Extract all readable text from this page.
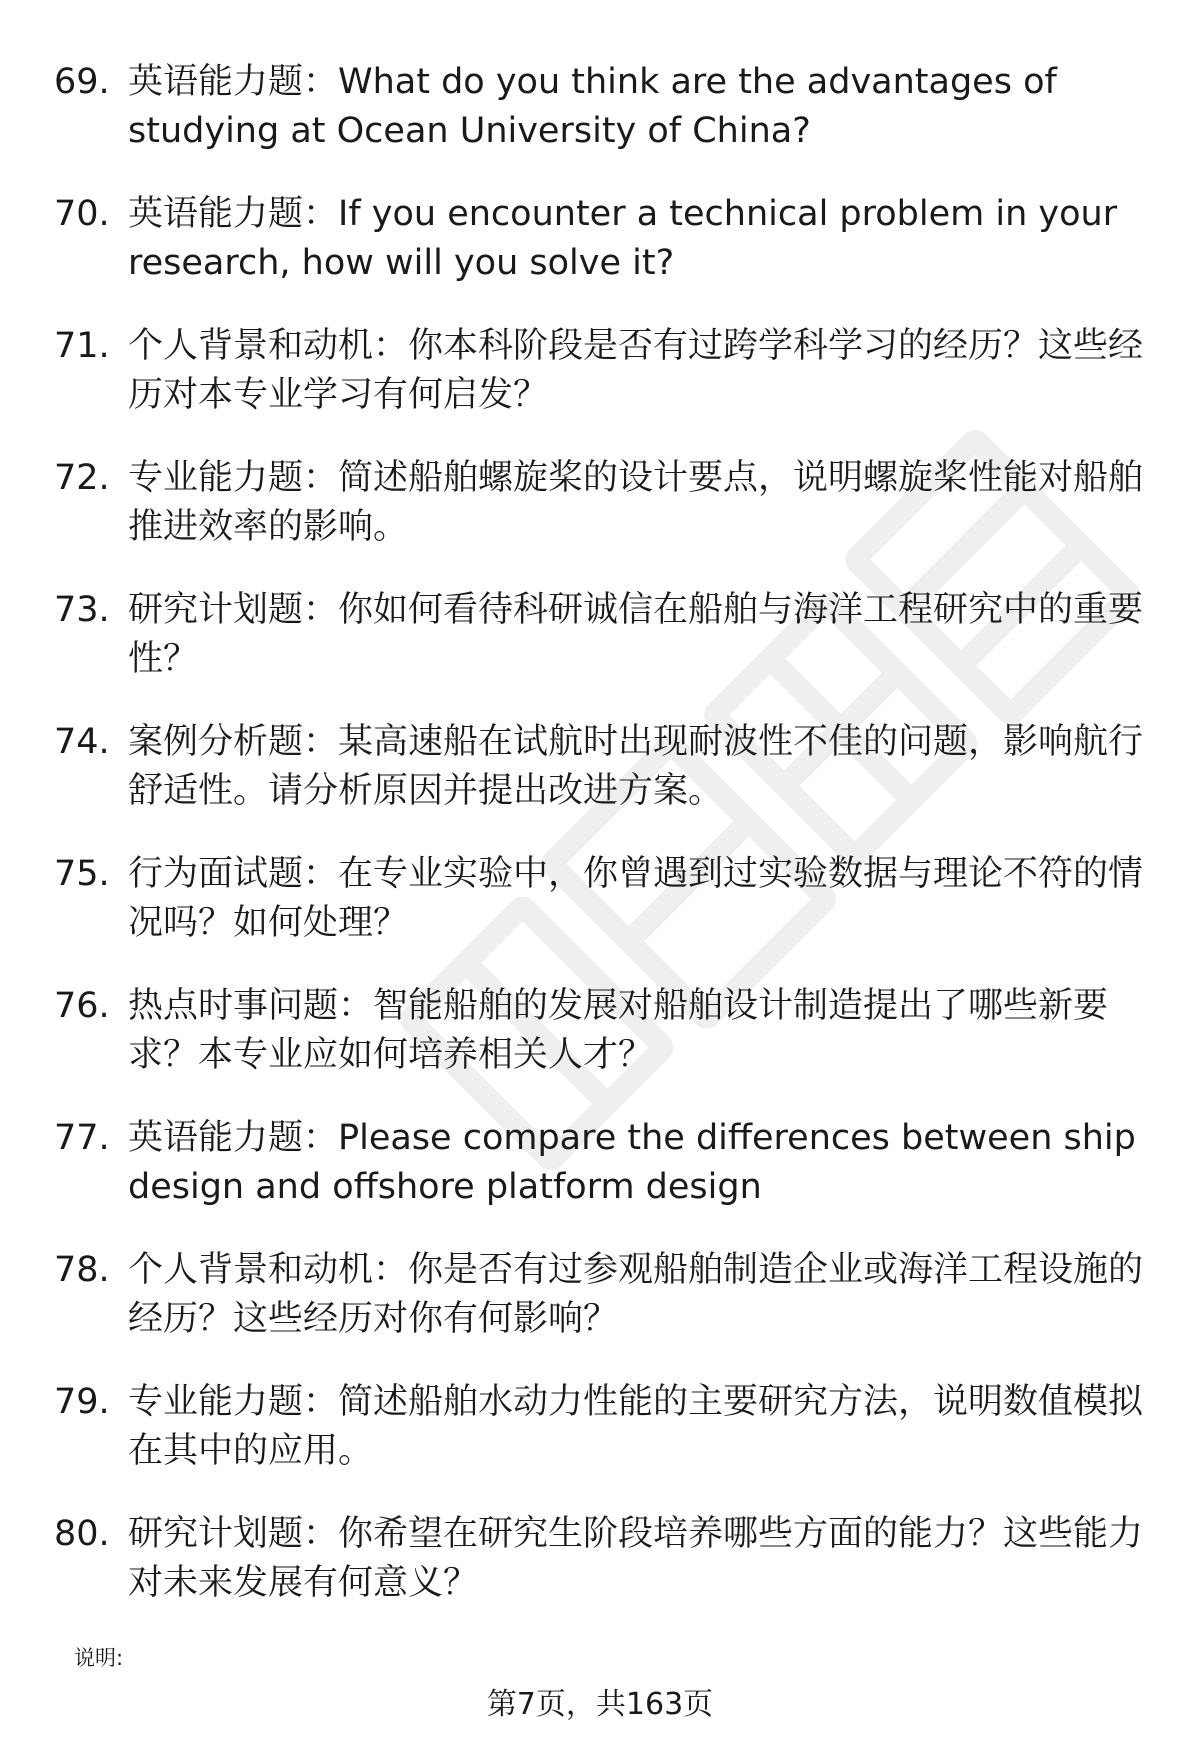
69. 英语能力题：What do you think are the advantages of studying at Ocean University of China?
70. 英语能力题：If you encounter a technical problem in your research, how will you solve it?
71. 个人背景和动机：你本科阶段是否有过跨学科学习的经历？这些经历对本专业学习有何启发？
72. 专业能力题：简述船舶螺旋桨的设计要点，说明螺旋桨性能对船舶推进效率的影响。
73. 研究计划题：你如何看待科研诚信在船舶与海洋工程研究中的重要性？
74. 案例分析题：某高速船在试航时出现耐波性不佳的问题，影响航行舒适性。请分析原因并提出改进方案。
75. 行为面试题：在专业实验中，你曾遇到过实验数据与理论不符的情况吗？如何处理？
76. 热点时事问题：智能船舶的发展对船舶设计制造提出了哪些新要求？本专业应如何培养相关人才？
77. 英语能力题：Please compare the differences between ship design and offshore platform design
78. 个人背景和动机：你是否有过参观船舶制造企业或海洋工程设施的经历？这些经历对你有何影响？
79. 专业能力题：简述船舶水动力性能的主要研究方法，说明数值模拟在其中的应用。
80. 研究计划题：你希望在研究生阶段培养哪些方面的能力？这些能力对未来发展有何意义？
说明:
第7页，共163页
